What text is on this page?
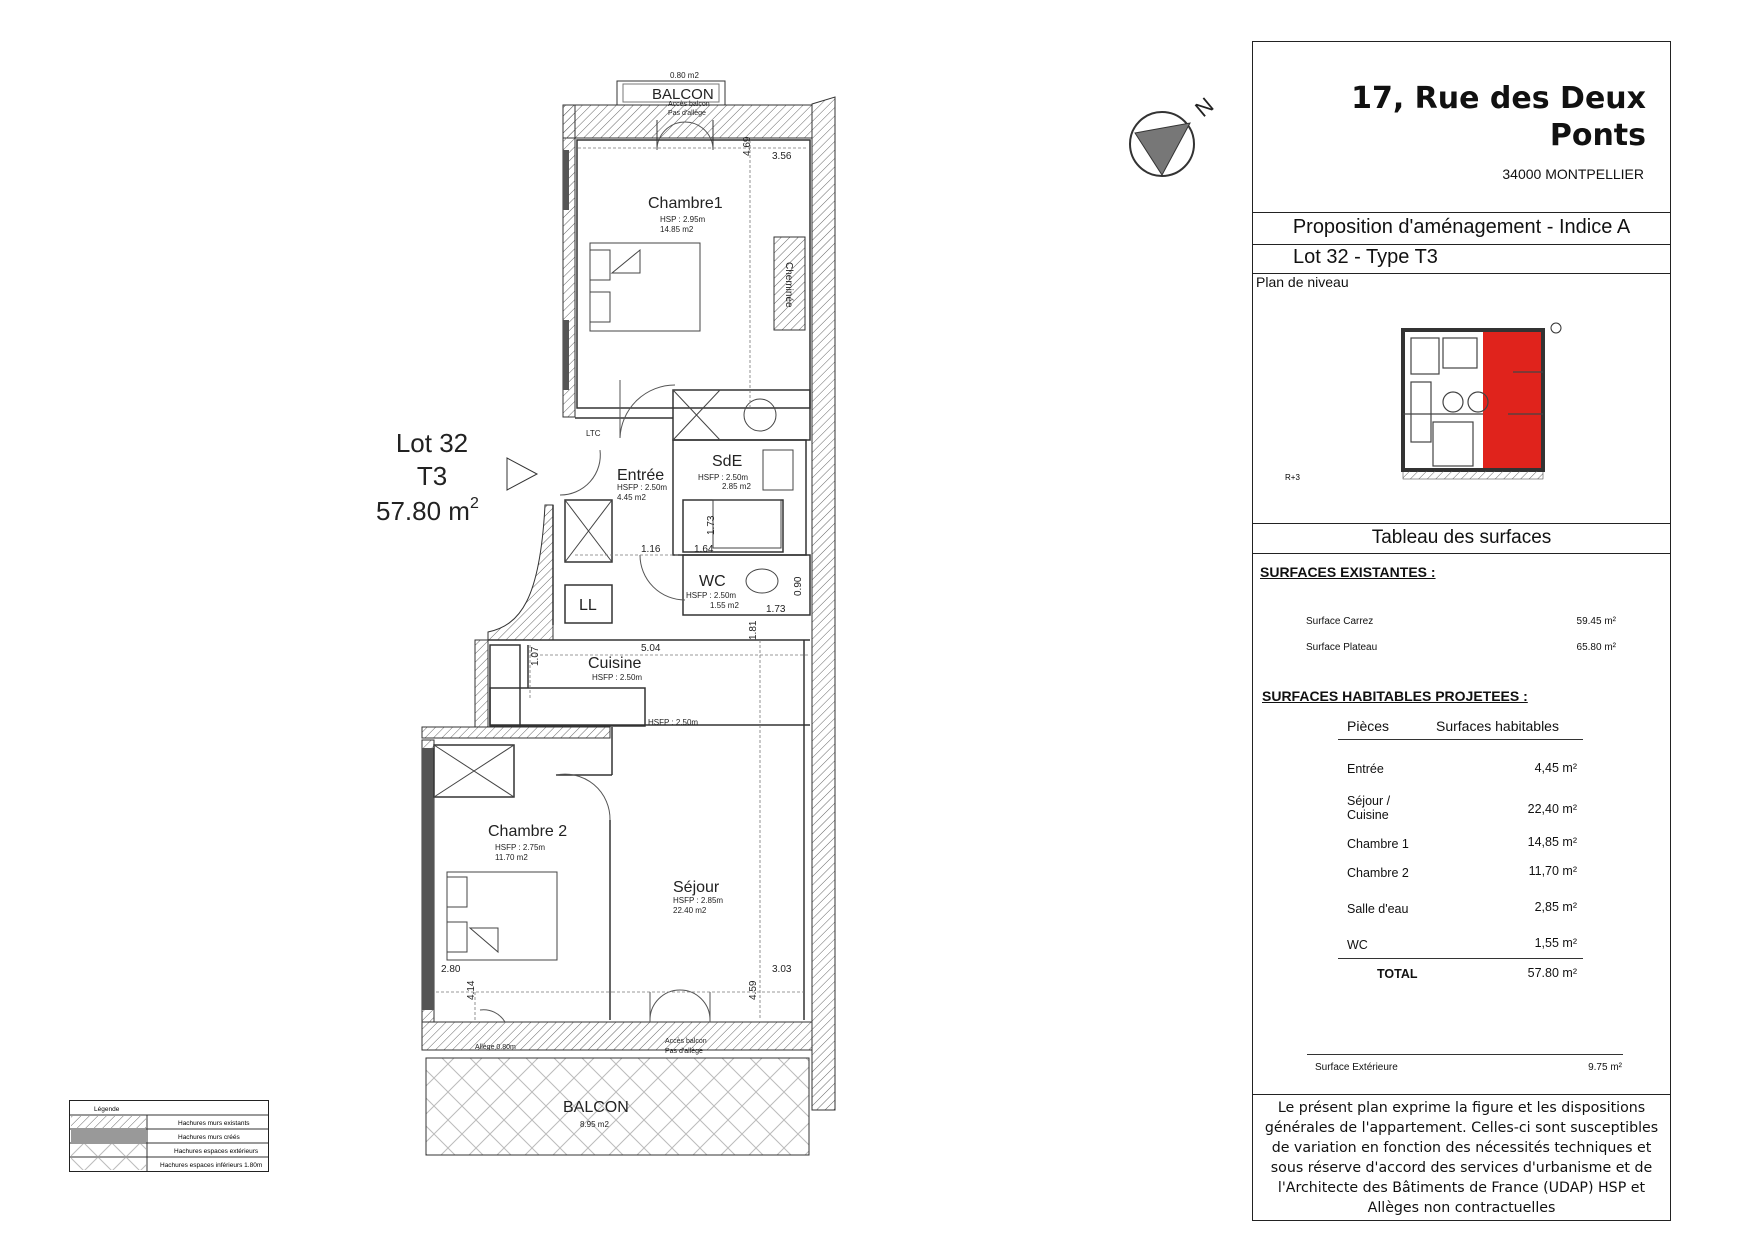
0.80 m2
BALCON
Accès balcon
Pas d'allège
BALCON
8.95 m2
Chambre1
HSP : 2.95m
14.85 m2
Cheminée
Entrée
HSFP : 2.50m
4.45 m2
SdE
HSFP : 2.50m
2.85 m2
WC
HSFP : 2.50m
1.55 m2
LL
LTC
Cuisine
HSFP : 2.50m
HSFP : 2.50m
Chambre 2
HSFP : 2.75m
11.70 m2
Séjour
HSFP : 2.85m
22.40 m2
Allège 0.80m
Accès balcon
Pas d'allège
3.56
4.69
1.73
1.16	1.64
0.90
1.73
5.04
1.07
1.81
2.80	3.03
4.14	4.59
Lot 32
T3
57.80 $m^2$
N	17, Rue des Deux Ponts
34000 MONTPELLIER
Proposition d'aménagement - Indice A
Lot 32 - Type T3
Plan de niveau
R+3
Tableau des surfaces
SURFACES EXISTANTES :
Surface Carrez	59.45 m²
Surface Plateau	65.80 m²
SURFACES HABITABLES PROJETEES :
Pièces	Surfaces habitables
Entrée	4,45 m²
Séjour / Cuisine	22,40 m²
Chambre 1	14,85 m²
Chambre 2	11,70 m²
Salle d'eau	2,85 m²
WC	1,55 m²
TOTAL	57.80 m²
Surface Extérieure	9.75 m²
Le présent plan exprime la figure et les dispositions générales de l'appartement. Celles-ci sont susceptibles de variation en fonction des nécessités techniques et sous réserve d'accord des services d'urbanisme et de l'Architecte des Bâtiments de France (UDAP) HSP et Allèges non contractuelles
Légende
Hachures murs existants
Hachures murs créés
Hachures espaces extérieurs
Hachures espaces inférieurs 1.80m
